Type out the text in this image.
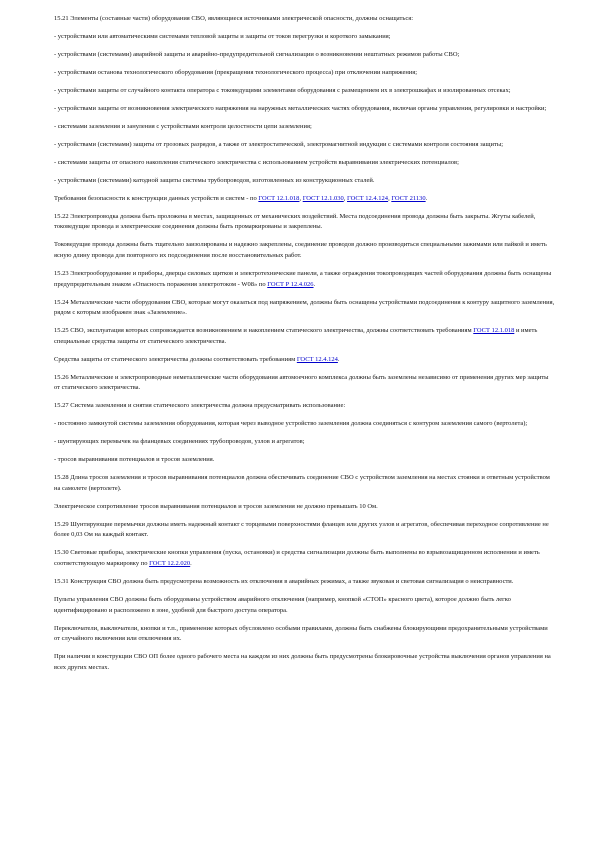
15.21 Элементы (составные части) оборудования СВО, являющиеся источниками электрической опасности, должны оснащаться:

- устройствами или автоматическими системами тепловой защиты и защиты от токов перегрузки и короткого замыкания;

- устройствами (системами) аварийной защиты и аварийно-предупредительной сигнализации о возникновении нештатных режимов работы СВО;

- устройствами останова технологического оборудования (прекращения технологического процесса) при отключении напряжения;

- устройствами защиты от случайного контакта оператора с токоведущими элементами оборудования с размещением их в электрошкафах и изолированных отсеках;

- устройствами защиты от возникновения электрического напряжения на наружных металлических частях оборудования, включая органы управления, регулировки и настройки;

- системами заземления и зануления с устройствами контроля целостности цепи заземления;

- устройствами (системами) защиты от грозовых разрядов, а также от электростатической, электромагнитной индукции с системами контроля состояния защиты;

- системами защиты от опасного накопления статического электричества с использованием устройств выравнивания электрических потенциалов;

- устройствами (системами) катодной защиты системы трубопроводов, изготовленных из конструкционных сталей.

Требования безопасности к конструкции данных устройств и систем - по ГОСТ 12.1.018, ГОСТ 12.1.030, ГОСТ 12.4.124, ГОСТ 21130.

15.22 Электропроводка должна быть проложена в местах, защищенных от механических воздействий. Места подсоединения провода должны быть закрыты. Жгуты кабелей, токоведущие провода и электрические соединения должны быть промаркированы и закреплены.

Токоведущие провода должны быть тщательно заизолированы и надежно закреплены, соединение проводов должно производиться специальными зажимами или пайкой и иметь ясную длину провода для повторного их подсоединения после восстановительных работ.

15.23 Электрооборудование и приборы, дверцы силовых щитков и электротехнические панели, а также ограждения токопроводящих частей оборудования должны быть оснащены предупредительным знаком «Опасность поражения электротоком - W08» по ГОСТ Р 12.4.026.

15.24 Металлические части оборудования СВО, которые могут оказаться под напряжением, должны быть оснащены устройствами подсоединения к контуру защитного заземления, рядом с которым изображен знак «Заземление».

15.25 СВО, эксплуатация которых сопровождается возникновением и накоплением статического электричества, должны соответствовать требованиям ГОСТ 12.1.018 и иметь специальные средства защиты от статического электричества.

Средства защиты от статического электричества должны соответствовать требованиям ГОСТ 12.4.124.

15.26 Металлические и электропроводные неметаллические части оборудования автомоечного комплекса должны быть заземлены независимо от применения других мер защиты от статического электричества.

15.27 Система заземления и снятия статического электричества должна предусматривать использование:

- постоянно замкнутой системы заземления оборудования, которая через выводное устройство заземления должна соединяться с контуром заземления самого (вертолета);

- шунтирующих перемычек на фланцевых соединениях трубопроводов, узлов и агрегатов;

- тросов выравнивания потенциалов и тросов заземления.

15.28 Длина тросов заземления и тросов выравнивания потенциалов должна обеспечивать соединение СВО с устройством заземления на местах стоянки и ответным устройством на самолете (вертолете).

Электрическое сопротивление тросов выравнивания потенциалов и тросов заземления не должно превышать 10 Ом.

15.29 Шунтирующие перемычки должны иметь надежный контакт с торцевыми поверхностями фланцев или других узлов и агрегатов, обеспечивая переходное сопротивление не более 0,03 Ом на каждый контакт.

15.30 Световые приборы, электрические кнопки управления (пуска, остановки) и средства сигнализации должны быть выполнены во взрывозащищенном исполнении и иметь соответствующую маркировку по ГОСТ 12.2.020.

15.31 Конструкция СВО должна быть предусмотрена возможность их отключения в аварийных режимах, а также звуковая и световая сигнализация о неисправности.

Пульты управления СВО должны быть оборудованы устройством аварийного отключения (например, кнопкой «СТОП» красного цвета), которое должно быть легко идентифицировано и расположено в зоне, удобной для быстрого доступа оператора.

Переключатели, выключатели, кнопки и т.п., применение которых обусловлено особыми правилами, должны быть снабжены блокирующими предохранительными устройствами от случайного включения или отключения их.

При наличии в конструкции СВО ОП более одного рабочего места на каждом из них должны быть предусмотрены блокировочные устройства выключения органов управления на всех других местах.
